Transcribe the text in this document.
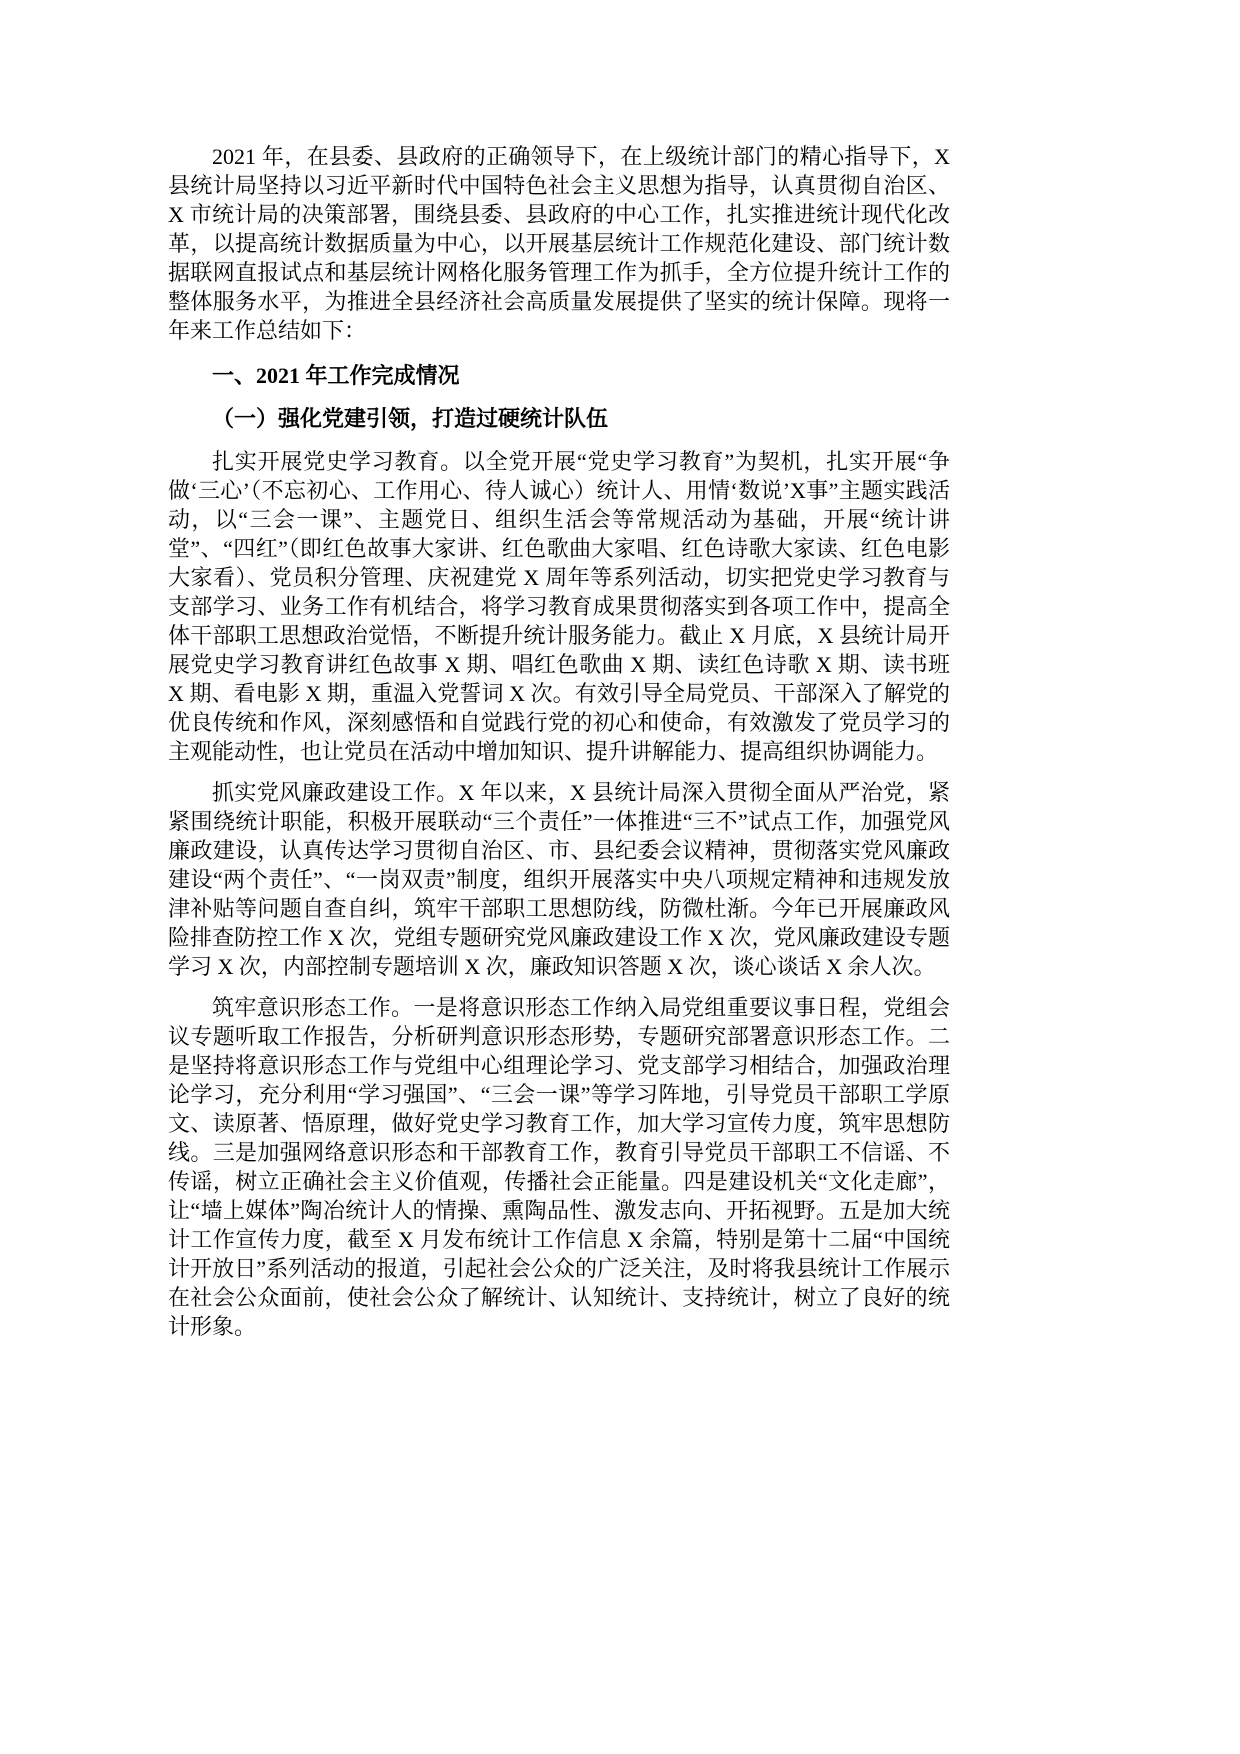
2021 年，在县委、县政府的正确领导下，在上级统计部门的精心指导下，X 县统计局坚持以习近平新时代中国特色社会主义思想为指导，认真贯彻自治区、X 市统计局的决策部署，围绕县委、县政府的中心工作，扎实推进统计现代化改革，以提高统计数据质量为中心，以开展基层统计工作规范化建设、部门统计数据联网直报试点和基层统计网格化服务管理工作为抓手，全方位提升统计工作的整体服务水平，为推进全县经济社会高质量发展提供了坚实的统计保障。现将一年来工作总结如下：

一、2021 年工作完成情况

（一）强化党建引领，打造过硬统计队伍

扎实开展党史学习教育。以全党开展“党史学习教育”为契机，扎实开展“争做‘三心’（不忘初心、工作用心、待人诚心）统计人、用情‘数说’X事”主题实践活动，以“三会一课”、主题党日、组织生活会等常规活动为基础，开展“统计讲堂”、“四红”（即红色故事大家讲、红色歌曲大家唱、红色诗歌大家读、红色电影大家看）、党员积分管理、庆祝建党 X 周年等系列活动，切实把党史学习教育与支部学习、业务工作有机结合，将学习教育成果贯彻落实到各项工作中，提高全体干部职工思想政治觉悟，不断提升统计服务能力。截止 X 月底，X 县统计局开展党史学习教育讲红色故事 X 期、唱红色歌曲 X 期、读红色诗歌 X 期、读书班 X 期、看电影 X 期，重温入党誓词 X 次。有效引导全局党员、干部深入了解党的优良传统和作风，深刻感悟和自觉践行党的初心和使命，有效激发了党员学习的主观能动性，也让党员在活动中增加知识、提升讲解能力、提高组织协调能力。

抓实党风廉政建设工作。X 年以来，X 县统计局深入贯彻全面从严治党，紧紧围绕统计职能，积极开展联动“三个责任”一体推进“三不”试点工作，加强党风廉政建设，认真传达学习贯彻自治区、市、县纪委会议精神，贯彻落实党风廉政建设“两个责任”、“一岗双责”制度，组织开展落实中央八项规定精神和违规发放津补贴等问题自查自纠，筑牢干部职工思想防线，防微杜渐。今年已开展廉政风险排查防控工作 X 次，党组专题研究党风廉政建设工作 X 次，党风廉政建设专题学习 X 次，内部控制专题培训 X 次，廉政知识答题 X 次，谈心谈话 X 余人次。

筑牢意识形态工作。一是将意识形态工作纳入局党组重要议事日程，党组会议专题听取工作报告，分析研判意识形态形势，专题研究部署意识形态工作。二是坚持将意识形态工作与党组中心组理论学习、党支部学习相结合，加强政治理论学习，充分利用“学习强国”、“三会一课”等学习阵地，引导党员干部职工学原文、读原著、悟原理，做好党史学习教育工作，加大学习宣传力度，筑牢思想防线。三是加强网络意识形态和干部教育工作，教育引导党员干部职工不信谣、不传谣，树立正确社会主义价值观，传播社会正能量。四是建设机关“文化走廊”，让“墙上媒体”陶冶统计人的情操、熏陶品性、激发志向、开拓视野。五是加大统计工作宣传力度，截至 X 月发布统计工作信息 X 余篇，特别是第十二届“中国统计开放日”系列活动的报道，引起社会公众的广泛关注，及时将我县统计工作展示在社会公众面前，使社会公众了解统计、认知统计、支持统计，树立了良好的统计形象。
